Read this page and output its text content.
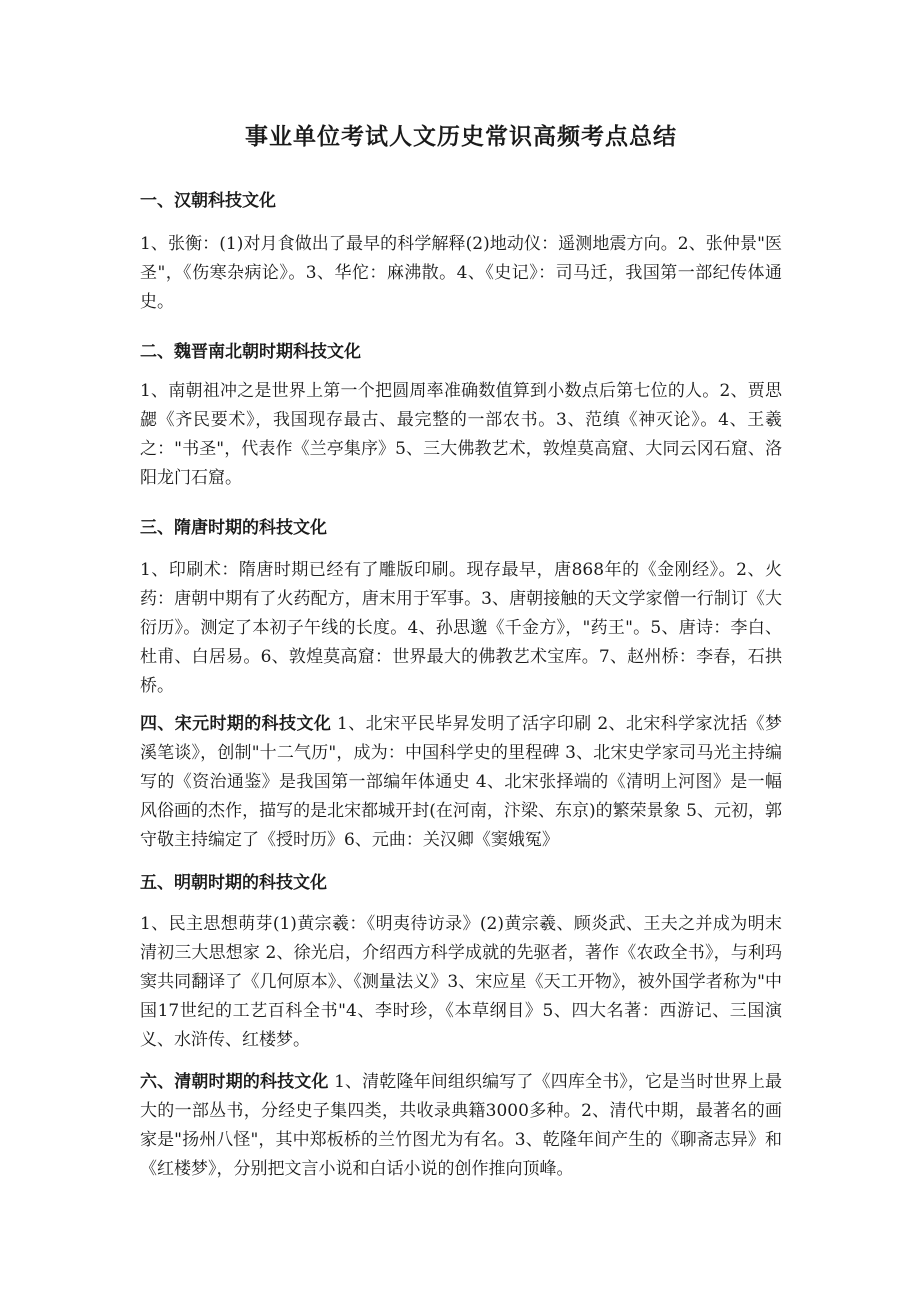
事业单位考试人文历史常识高频考点总结
一、汉朝科技文化

1、张衡：(1)对月食做出了最早的科学解释(2)地动仪：遥测地震方向。2、张仲景"医圣"，《伤寒杂病论》。3、华佗：麻沸散。4、《史记》：司马迁，我国第一部纪传体通史。

二、魏晋南北朝时期科技文化

1、南朝祖冲之是世界上第一个把圆周率准确数值算到小数点后第七位的人。2、贾思勰《齐民要术》，我国现存最古、最完整的一部农书。3、范缜《神灭论》。4、王羲之："书圣"，代表作《兰亭集序》5、三大佛教艺术，敦煌莫高窟、大同云冈石窟、洛阳龙门石窟。

三、隋唐时期的科技文化

1、印刷术：隋唐时期已经有了雕版印刷。现存最早，唐868年的《金刚经》。2、火药：唐朝中期有了火药配方，唐末用于军事。3、唐朝接触的天文学家僧一行制订《大衍历》。测定了本初子午线的长度。4、孙思邈《千金方》，"药王"。5、唐诗：李白、杜甫、白居易。6、敦煌莫高窟：世界最大的佛教艺术宝库。7、赵州桥：李春，石拱桥。

四、宋元时期的科技文化 1、北宋平民毕昇发明了活字印刷 2、北宋科学家沈括《梦溪笔谈》，创制"十二气历"，成为：中国科学史的里程碑 3、北宋史学家司马光主持编写的《资治通鉴》是我国第一部编年体通史 4、北宋张择端的《清明上河图》是一幅风俗画的杰作，描写的是北宋都城开封(在河南，汴梁、东京)的繁荣景象 5、元初，郭守敬主持编定了《授时历》6、元曲：关汉卿《窦娥冤》

五、明朝时期的科技文化

1、民主思想萌芽(1)黄宗羲：《明夷待访录》(2)黄宗羲、顾炎武、王夫之并成为明末清初三大思想家 2、徐光启，介绍西方科学成就的先驱者，著作《农政全书》，与利玛窦共同翻译了《几何原本》、《测量法义》3、宋应星《天工开物》，被外国学者称为"中国17世纪的工艺百科全书"4、李时珍，《本草纲目》5、四大名著：西游记、三国演义、水浒传、红楼梦。

六、清朝时期的科技文化 1、清乾隆年间组织编写了《四库全书》，它是当时世界上最大的一部丛书，分经史子集四类，共收录典籍3000多种。2、清代中期，最著名的画家是"扬州八怪"，其中郑板桥的兰竹图尤为有名。3、乾隆年间产生的《聊斋志异》和《红楼梦》，分别把文言小说和白话小说的创作推向顶峰。
